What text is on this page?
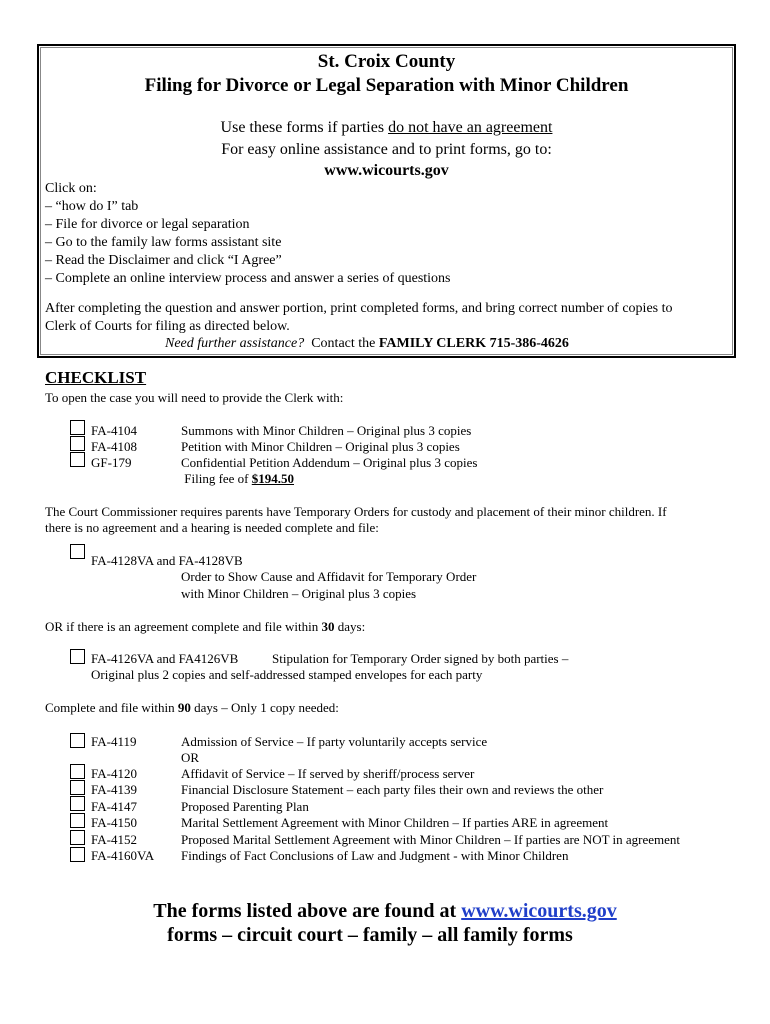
St. Croix County
Filing for Divorce or Legal Separation with Minor Children
Use these forms if parties do not have an agreement
For easy online assistance and to print forms, go to:
www.wicourts.gov
Click on:
– “how do I” tab
– File for divorce or legal separation
– Go to the family law forms assistant site
– Read the Disclaimer and click “I Agree”
– Complete an online interview process and answer a series of questions
After completing the question and answer portion, print completed forms, and bring correct number of copies to
Clerk of Courts for filing as directed below.
Need further assistance?  Contact the FAMILY CLERK 715-386-4626
CHECKLIST
To open the case you will need to provide the Clerk with:
FA-4104	Summons with Minor Children – Original plus 3 copies
FA-4108	Petition with Minor Children – Original plus 3 copies
GF-179	Confidential Petition Addendum – Original plus 3 copies
Filing fee of $194.50
The Court Commissioner requires parents have Temporary Orders for custody and placement of their minor children. If
there is no agreement and a hearing is needed complete and file:
FA-4128VA and FA-4128VB
Order to Show Cause and Affidavit for Temporary Order
with Minor Children – Original plus 3 copies
OR if there is an agreement complete and file within 30 days:
FA-4126VA and FA4126VB	Stipulation for Temporary Order signed by both parties –
Original plus 2 copies and self-addressed stamped envelopes for each party
Complete and file within 90 days – Only 1 copy needed:
FA-4119	Admission of Service – If party voluntarily accepts service
OR
FA-4120	Affidavit of Service – If served by sheriff/process server
FA-4139	Financial Disclosure Statement – each party files their own and reviews the other
FA-4147	Proposed Parenting Plan
FA-4150	Marital Settlement Agreement with Minor Children – If parties ARE in agreement
FA-4152	Proposed Marital Settlement Agreement with Minor Children – If parties are NOT in agreement
FA-4160VA Findings of Fact Conclusions of Law and Judgment - with Minor Children
The forms listed above are found at www.wicourts.gov
forms – circuit court – family – all family forms
